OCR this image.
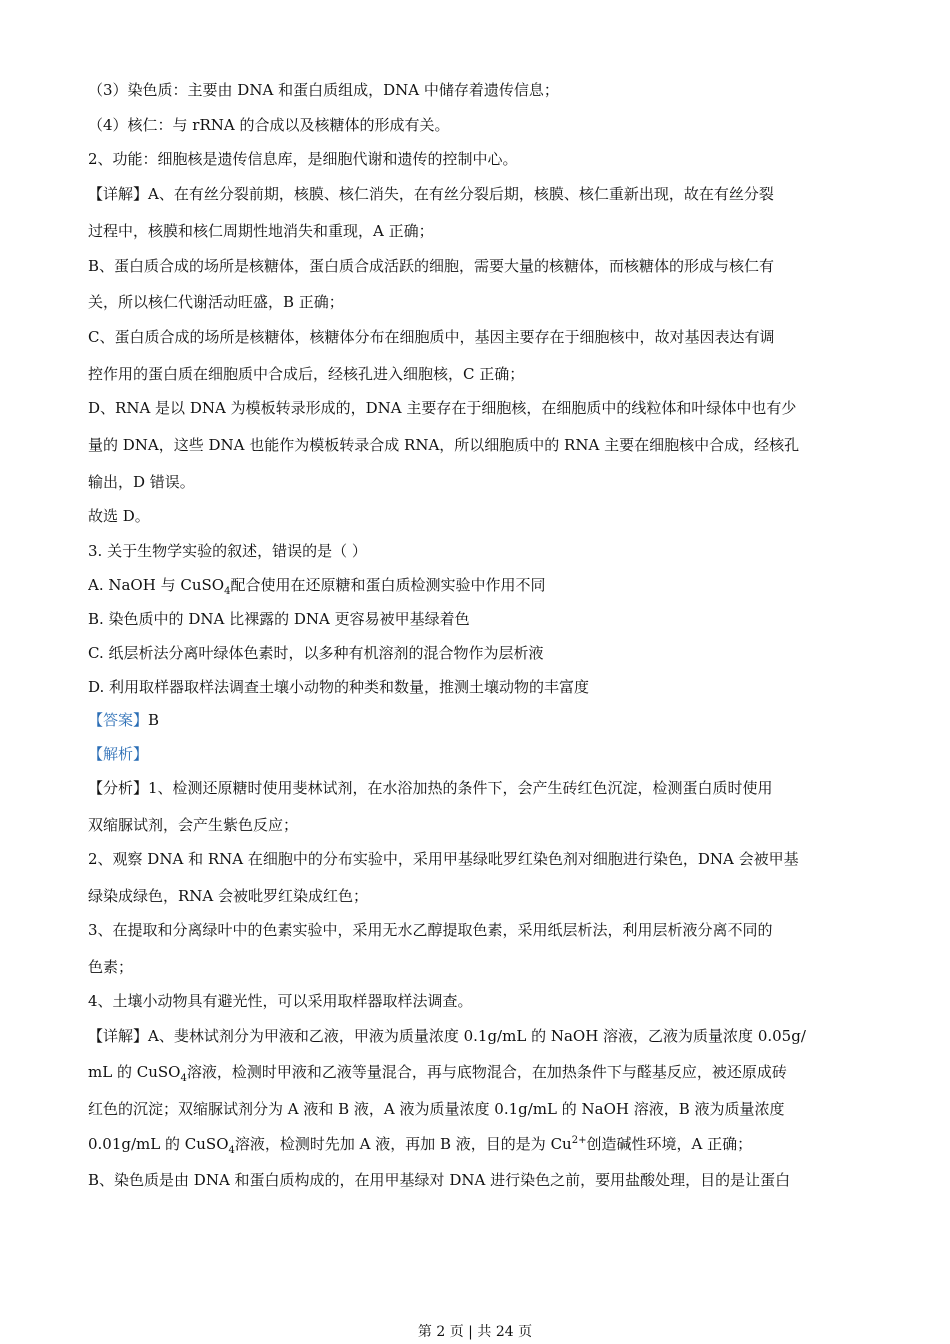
（3）染色质：主要由 DNA 和蛋白质组成，DNA 中储存着遗传信息；
（4）核仁：与 rRNA 的合成以及核糖体的形成有关。
2、功能：细胞核是遗传信息库，是细胞代谢和遗传的控制中心。
【详解】A、在有丝分裂前期，核膜、核仁消失，在有丝分裂后期，核膜、核仁重新出现，故在有丝分裂
过程中，核膜和核仁周期性地消失和重现，A 正确；
B、蛋白质合成的场所是核糖体，蛋白质合成活跃的细胞，需要大量的核糖体，而核糖体的形成与核仁有
关，所以核仁代谢活动旺盛，B 正确；
C、蛋白质合成的场所是核糖体，核糖体分布在细胞质中，基因主要存在于细胞核中，故对基因表达有调
控作用的蛋白质在细胞质中合成后，经核孔进入细胞核，C 正确；
D、RNA 是以 DNA 为模板转录形成的，DNA 主要存在于细胞核，在细胞质中的线粒体和叶绿体中也有少
量的 DNA，这些 DNA 也能作为模板转录合成 RNA，所以细胞质中的 RNA 主要在细胞核中合成，经核孔
输出，D 错误。
故选 D。
3. 关于生物学实验的叙述，错误的是（ ）
A. NaOH 与 CuSO$_4$配合使用在还原糖和蛋白质检测实验中作用不同
B. 染色质中的 DNA 比裸露的 DNA 更容易被甲基绿着色
C. 纸层析法分离叶绿体色素时，以多种有机溶剂的混合物作为层析液
D. 利用取样器取样法调查土壤小动物的种类和数量，推测土壤动物的丰富度
【答案】B
【解析】
【分析】1、检测还原糖时使用斐林试剂，在水浴加热的条件下，会产生砖红色沉淀，检测蛋白质时使用
双缩脲试剂，会产生紫色反应；
2、观察 DNA 和 RNA 在细胞中的分布实验中，采用甲基绿吡罗红染色剂对细胞进行染色，DNA 会被甲基
绿染成绿色，RNA 会被吡罗红染成红色；
3、在提取和分离绿叶中的色素实验中，采用无水乙醇提取色素，采用纸层析法，利用层析液分离不同的
色素；
4、土壤小动物具有避光性，可以采用取样器取样法调查。
【详解】A、斐林试剂分为甲液和乙液，甲液为质量浓度 0.1g/mL 的 NaOH 溶液，乙液为质量浓度 0.05g/
mL 的 CuSO$_4$溶液，检测时甲液和乙液等量混合，再与底物混合，在加热条件下与醛基反应，被还原成砖
红色的沉淀；双缩脲试剂分为 A 液和 B 液，A 液为质量浓度 0.1g/mL 的 NaOH 溶液，B 液为质量浓度
0.01g/mL 的 CuSO$_4$溶液，检测时先加 A 液，再加 B 液，目的是为 $Cu^{2+}$创造碱性环境，A 正确；
B、染色质是由 DNA 和蛋白质构成的，在用甲基绿对 DNA 进行染色之前，要用盐酸处理，目的是让蛋白
第 2 页 | 共 24 页
